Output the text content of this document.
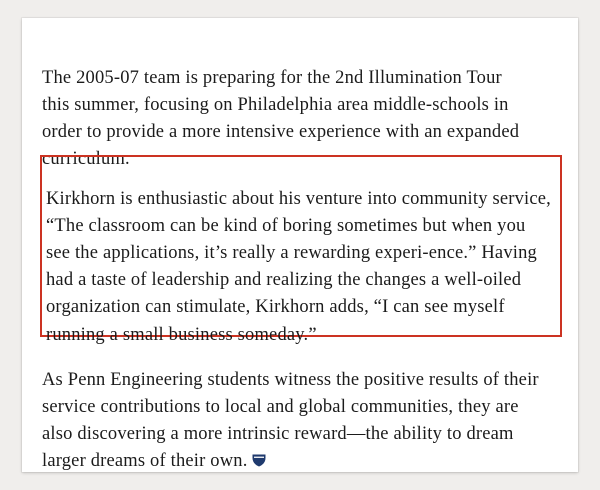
The 2005-07 team is preparing for the 2nd Illumination Tour this summer, focusing on Philadelphia area middle-schools in order to provide a more intensive experience with an expanded curriculum.

Kirkhorn is enthusiastic about his venture into community service, “The classroom can be kind of boring sometimes but when you see the applications, it’s really a rewarding experi-ence.” Having had a taste of leadership and realizing the changes a well-oiled organization can stimulate, Kirkhorn adds, “I can see myself running a small business someday.”

As Penn Engineering students witness the positive results of their service contributions to local and global communities, they are also discovering a more intrinsic reward—the ability to dream larger dreams of their own.
